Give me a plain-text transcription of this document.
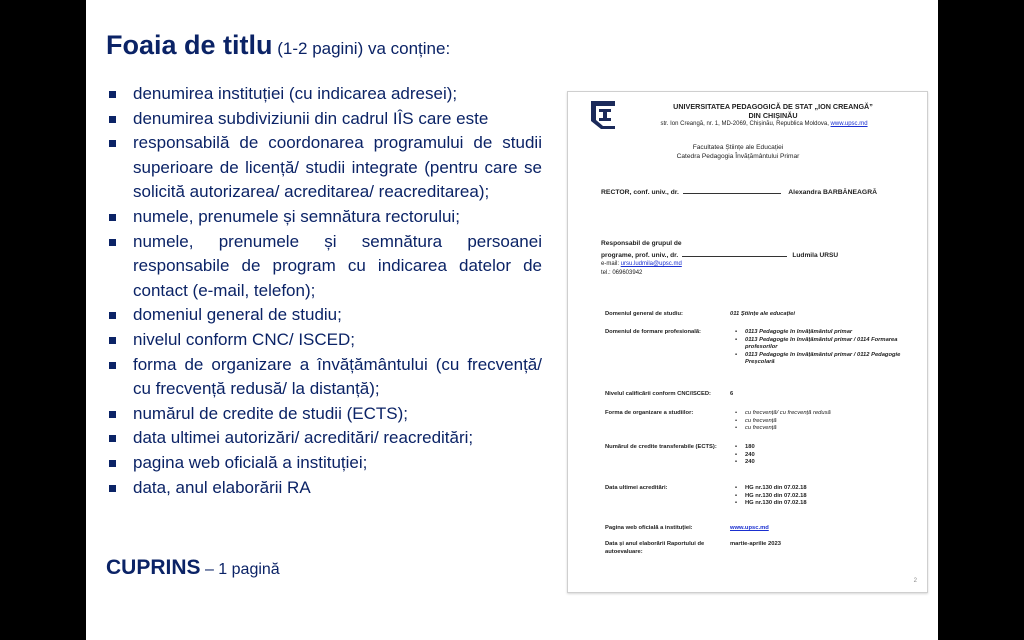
Foaia de titlu (1-2 pagini) va conține:
denumirea instituției (cu indicarea adresei);
denumirea subdiviziunii din cadrul IÎS care este
responsabilă de coordonarea programului de studii superioare de licență/ studii integrate (pentru care se solicită autorizarea/ acreditarea/ reacreditarea);
numele, prenumele și semnătura rectorului;
numele, prenumele și semnătura persoanei responsabile de program cu indicarea datelor de contact (e-mail, telefon);
domeniul general de studiu;
nivelul conform CNC/ ISCED;
forma de organizare a învățământului (cu frecvență/ cu frecvență redusă/ la distanță);
numărul de credite de studii (ECTS);
data ultimei autorizări/ acreditări/ reacreditări;
pagina web oficială a instituției;
data, anul elaborării RA
CUPRINS – 1 pagină
UNIVERSITATEA PEDAGOGICĂ DE STAT „ION CREANGĂ”
DIN CHIȘINĂU
str. Ion Creangă, nr. 1, MD-2069, Chișinău, Republica Moldova, www.upsc.md
Facultatea Științe ale Educației
Catedra Pedagogia Învățământului Primar
RECTOR, conf. univ., dr.	Alexandra BARBĂNEAGRĂ
Responsabil de grupul de
programe, prof. univ., dr.	Ludmila URSU
e-mail: ursu.ludmila@upsc.md
tel.: 069603942
Domeniul general de studiu:	011 Științe ale educației
Domeniul de formare profesională:	• 0113 Pedagogie în învățământul primar
• 0113 Pedagogie în învățământul primar / 0114 Formarea profesorilor
• 0113 Pedagogie în învățământul primar / 0112 Pedagogie Preșcolară
Nivelul calificării conform CNC/ISCED:	6
Forma de organizare a studiilor:	• cu frecvență/ cu frecvență redusă
• cu frecvență
• cu frecvență
Numărul de credite transferabile (ECTS):	• 180
• 240
• 240
Data ultimei acreditări:	• HG nr.130 din 07.02.18
• HG nr.130 din 07.02.18
• HG nr.130 din 07.02.18
Pagina web oficială a instituției:	www.upsc.md
Data și anul elaborării Raportului de autoevaluare:
martie-aprilie 2023
2
